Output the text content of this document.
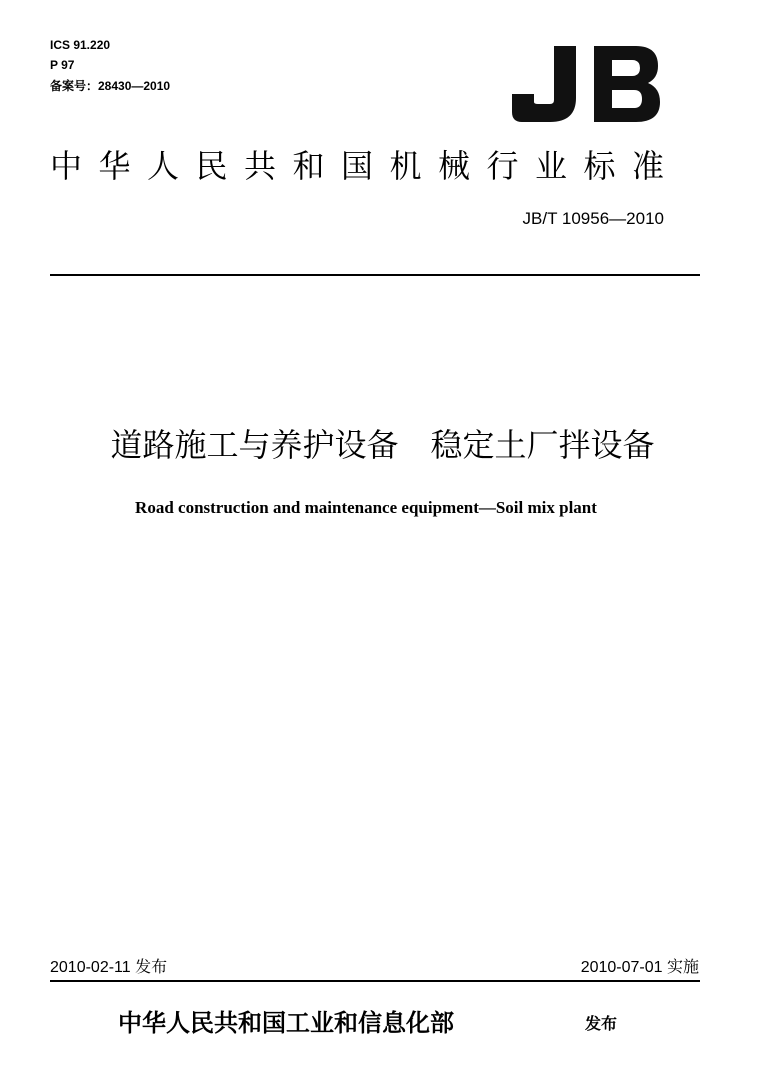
ICS 91.220
P 97
备案号：28430—2010
中华人民共和国机械行业标准
JB/T 10956—2010
道路施工与养护设备　稳定土厂拌设备
Road construction and maintenance equipment—Soil mix plant
2010-02-11 发布	2010-07-01 实施
中华人民共和国工业和信息化部	发布
